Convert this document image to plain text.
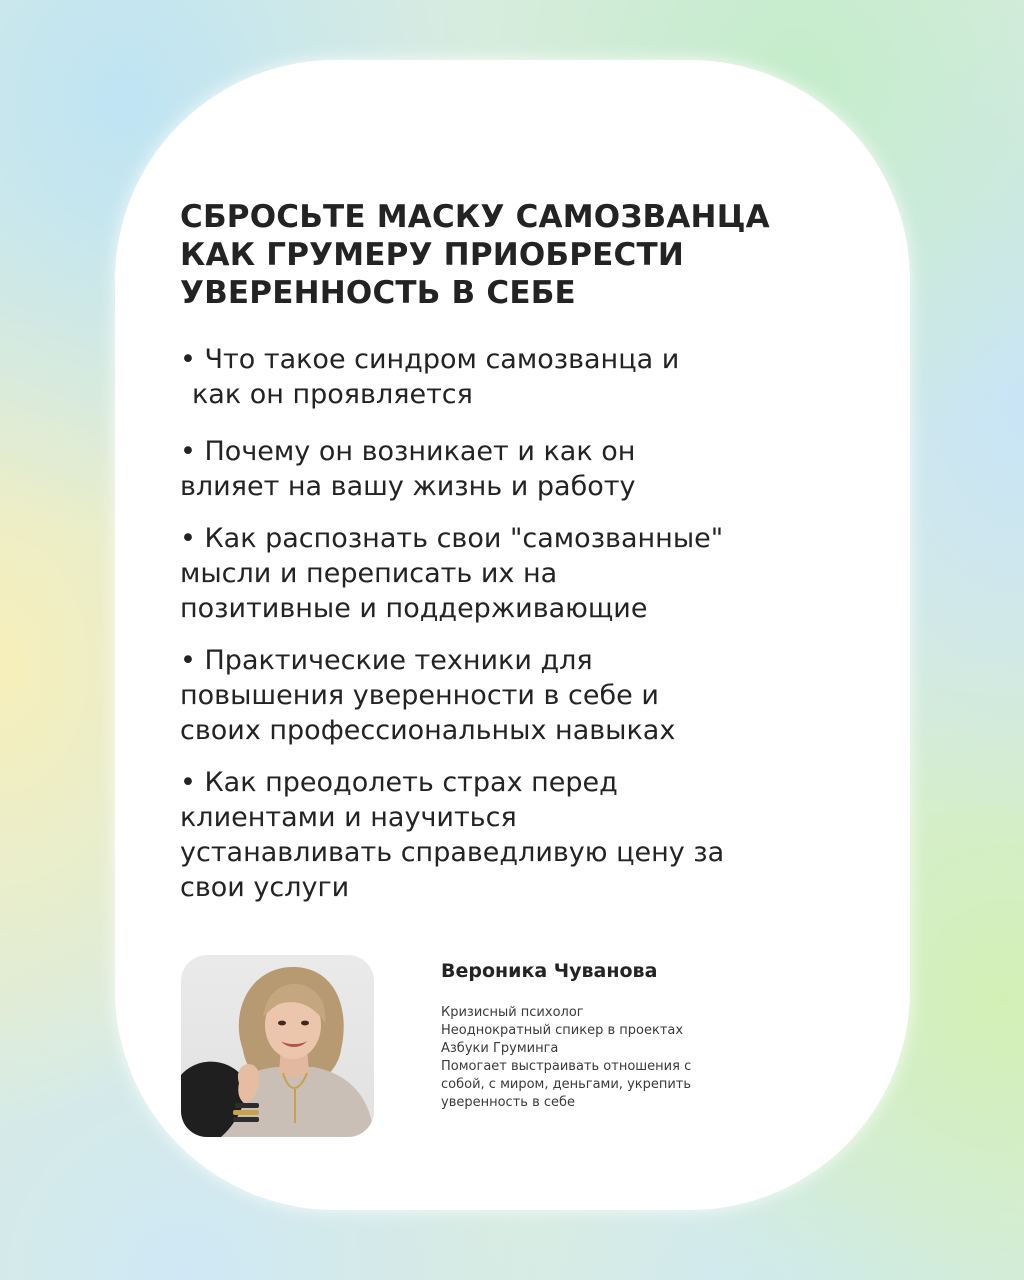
СБРОСЬТЕ МАСКУ САМОЗВАНЦА
КАК ГРУМЕРУ ПРИОБРЕСТИ
УВЕРЕННОСТЬ В СЕБЕ
• Что такое синдром самозванца и
как он проявляется
• Почему он возникает и как он
влияет на вашу жизнь и работу
• Как распознать свои "самозванные"
мысли и переписать их на
позитивные и поддерживающие
• Практические техники для
повышения уверенности в себе и
своих профессиональных навыках
• Как преодолеть страх перед
клиентами и научиться
устанавливать справедливую цену за
свои услуги
Вероника Чуванова
Кризисный психолог
Неоднократный спикер в проектах
Азбуки Груминга
Помогает выстраивать отношения с
собой, с миром, деньгами, укрепить
уверенность в себе
